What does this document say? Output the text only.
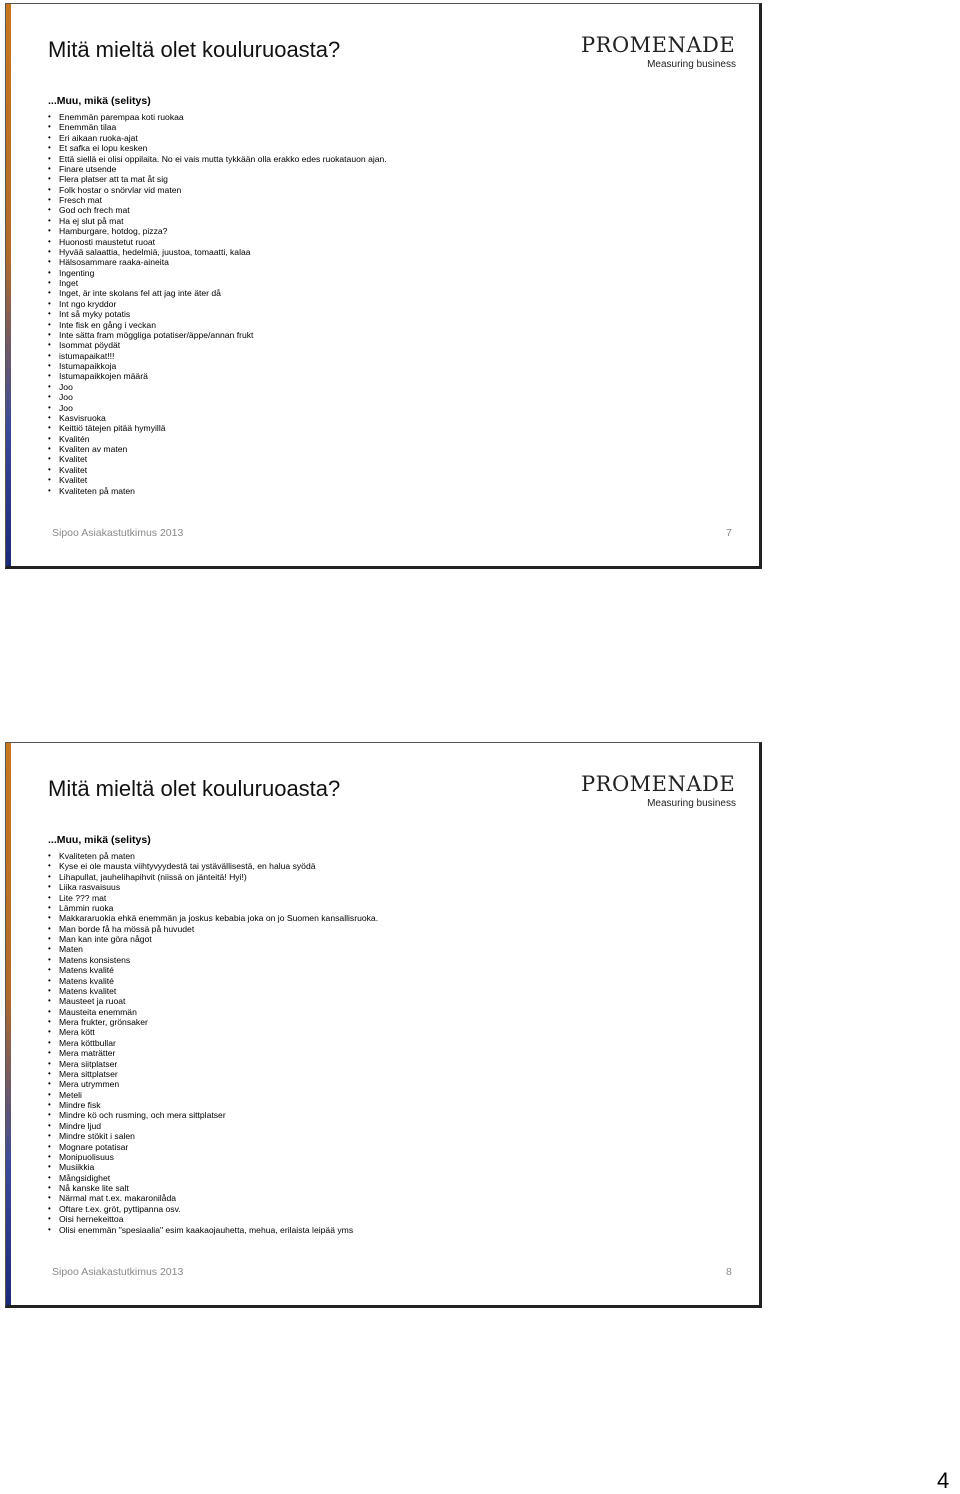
Mitä mieltä olet kouluruoasta?	PROMENADE
Measuring business
...Muu, mikä (selitys)
• Enemmän parempaa koti ruokaa
• Enemmän tilaa
• Eri aikaan ruoka-ajat
• Et safka ei lopu kesken
• Että siellä ei olisi oppilaita. No ei vais mutta tykkään olla erakko edes ruokatauon ajan.
• Finare utsende
• Flera platser att ta mat åt sig
• Folk hostar o snörvlar vid maten
• Fresch mat
• God och frech mat
• Ha ej slut på mat
• Hamburgare, hotdog, pizza?
• Huonosti maustetut ruoat
• Hyvää salaattia, hedelmiä, juustoa, tomaatti, kalaa
• Hälsosammare raaka-aineita
• Ingenting
• Inget
• Inget, är inte skolans fel att jag inte äter då
• Int ngo kryddor
• Int så myky potatis
• Inte fisk en gång i veckan
• Inte sätta fram möggliga potatiser/äppe/annan frukt
• Isommat pöydät
• istumapaikat!!!
• Istumapaikkoja
• Istumapaikkojen määrä
• Joo
• Joo
• Joo
• Kasvisruoka
• Keittiö tätejen pitää hymyillä
• Kvalitén
• Kvaliten av maten
• Kvalitet
• Kvalitet
• Kvalitet
• Kvaliteten på maten
Sipoo Asiakastutkimus 2013	7
Mitä mieltä olet kouluruoasta?	PROMENADE
Measuring business
...Muu, mikä (selitys)
• Kvaliteten på maten
• Kyse ei ole mausta viihtyvyydestä tai ystävällisestä, en halua syödä
• Lihapullat, jauhelihapihvit (niissä on jänteitä! Hyi!)
• Liika rasvaisuus
• Lite ??? mat
• Lämmin ruoka
• Makkararuokia ehkä enemmän ja joskus kebabia joka on jo Suomen kansallisruoka.
• Man borde få ha mössä på huvudet
• Man kan inte göra något
• Maten
• Matens konsistens
• Matens kvalité
• Matens kvalité
• Matens kvalitet
• Mausteet ja ruoat
• Mausteita enemmän
• Mera frukter, grönsaker
• Mera kött
• Mera köttbullar
• Mera maträtter
• Mera siitplatser
• Mera sittplatser
• Mera utrymmen
• Meteli
• Mindre fisk
• Mindre kö och rusming, och mera sittplatser
• Mindre ljud
• Mindre stökit i salen
• Mognare potatisar
• Monipuolisuus
• Musiikkia
• Mångsidighet
• Nå kanske lite salt
• Närmal mat t.ex. makaronilåda
• Oftare t.ex. gröt, pyttipanna osv.
• Oisi hernekeittoa
• Olisi enemmän "spesiaalia" esim kaakaojauhetta, mehua, erilaista leipää yms
Sipoo Asiakastutkimus 2013	8
4
